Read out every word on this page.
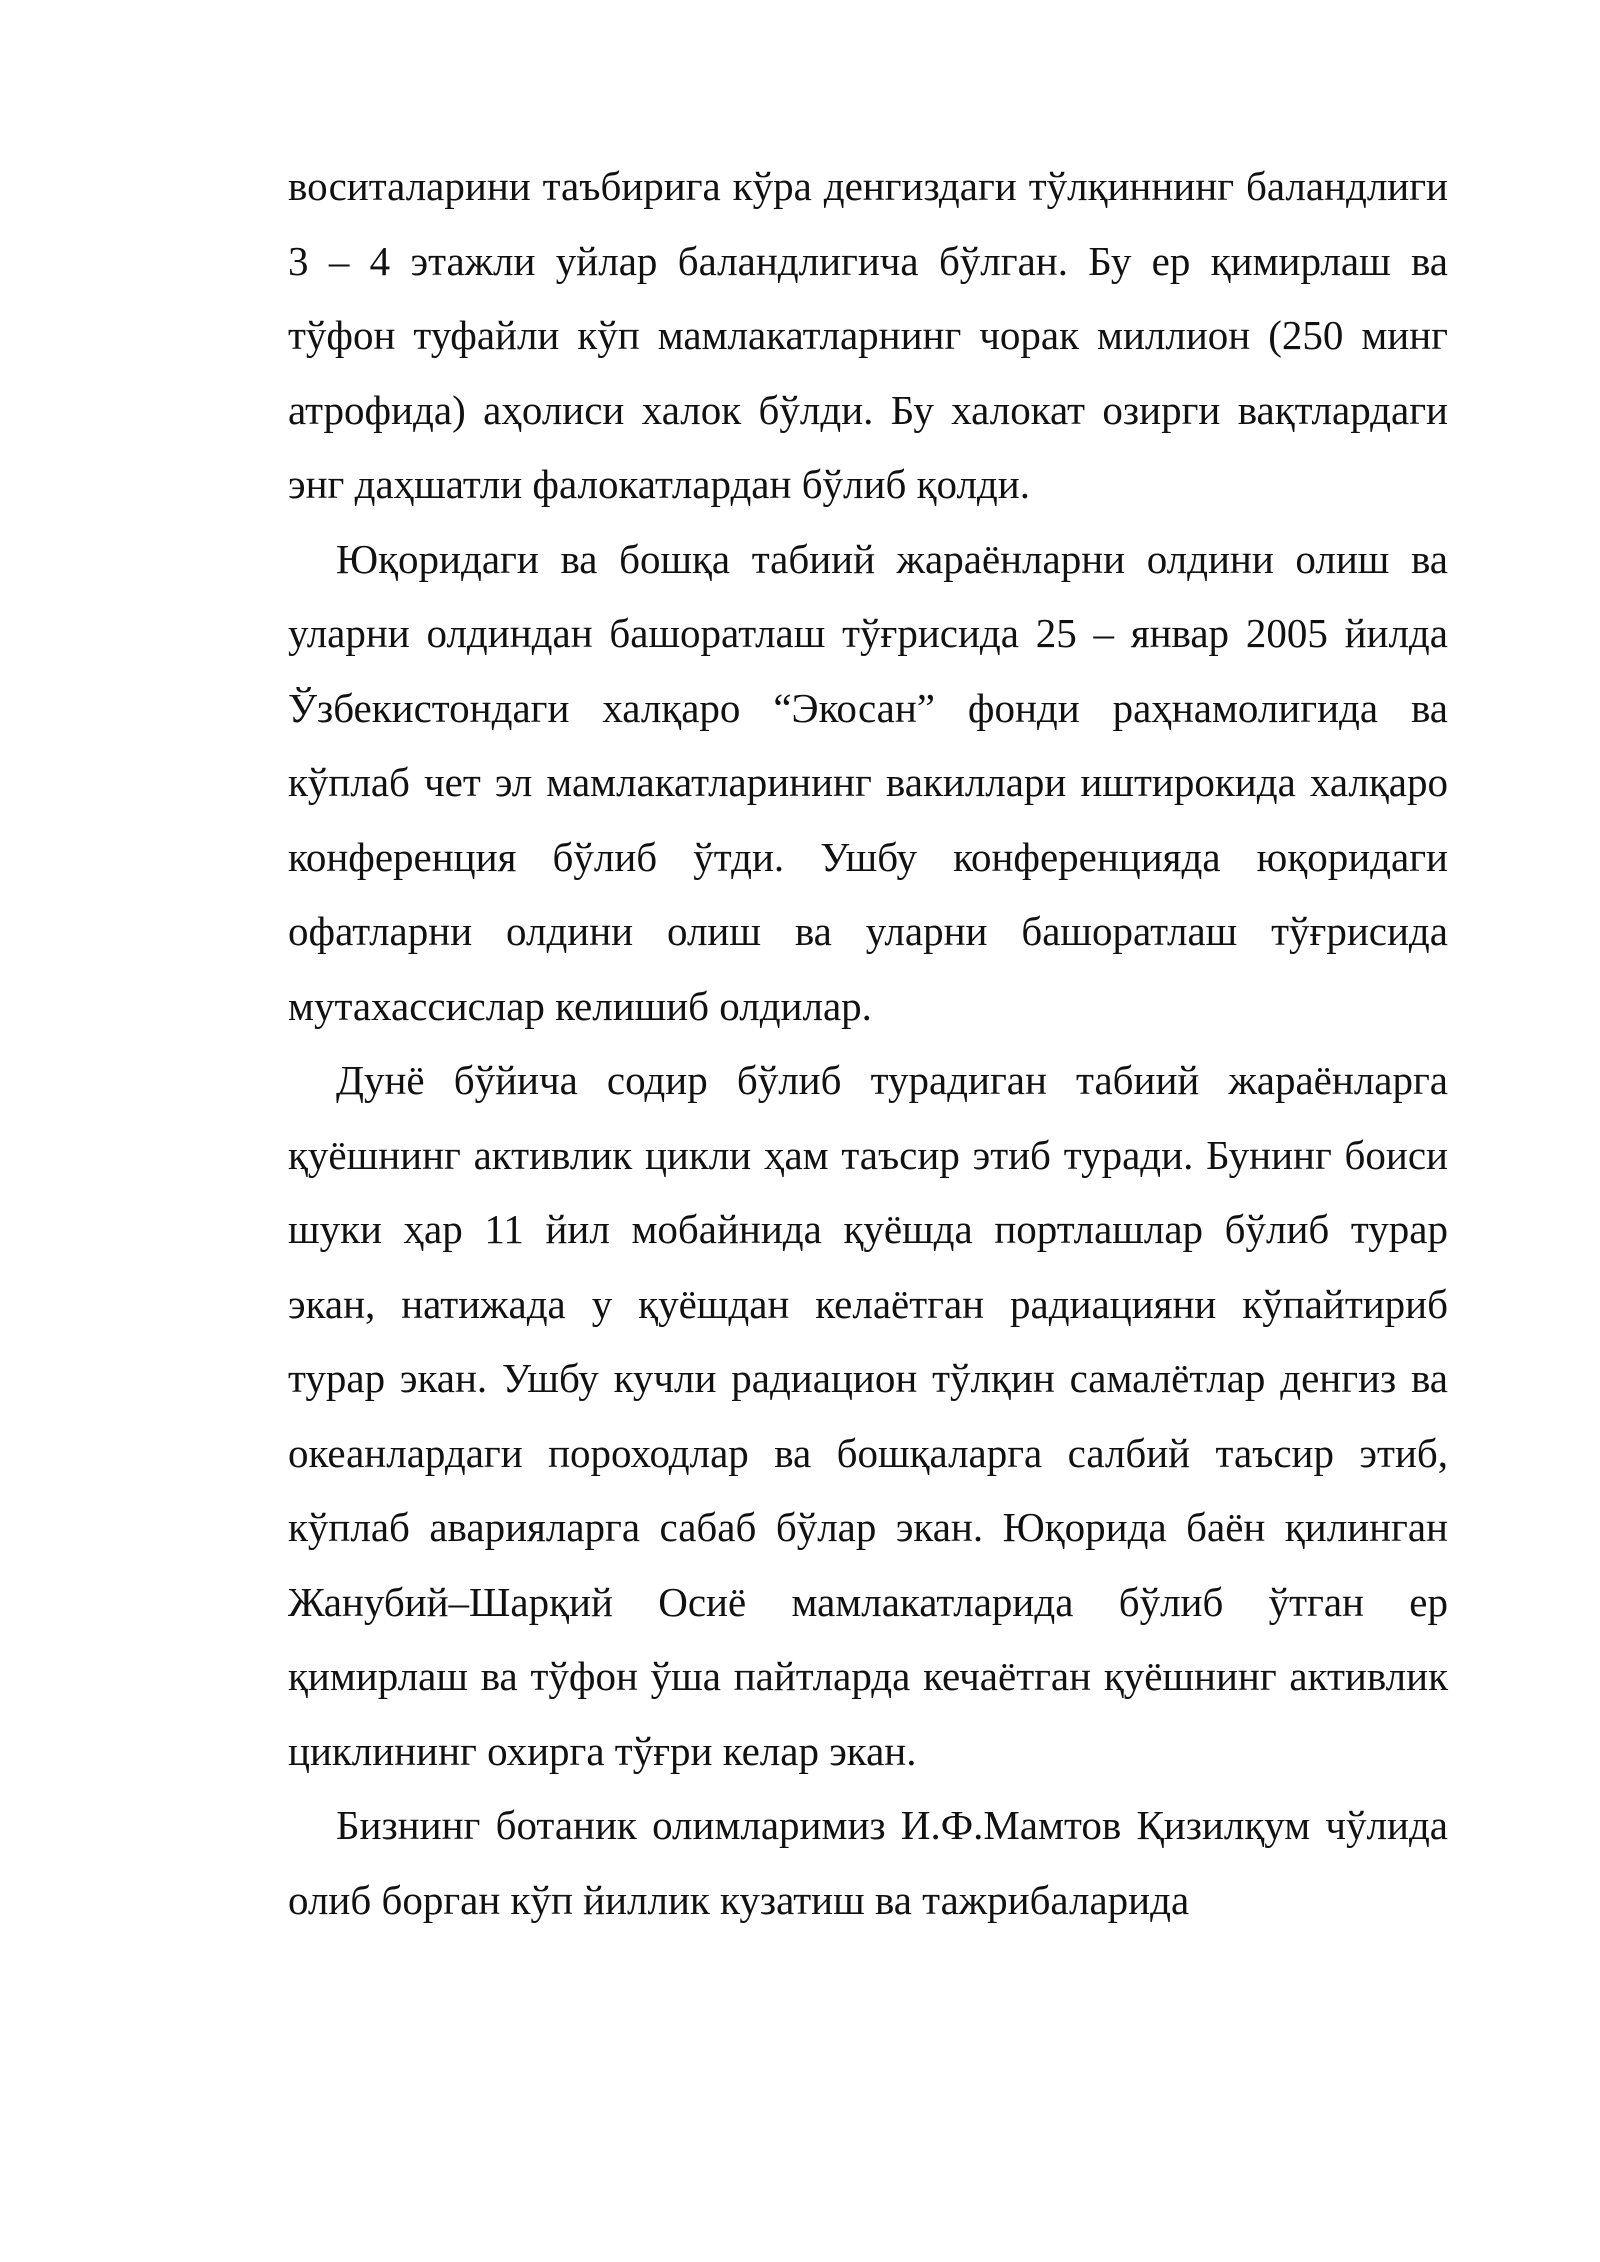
воситаларини таъбирига кўра денгиздаги тўлқиннинг баландлиги 3 – 4 этажли уйлар баландлигича бўлган. Бу ер қимирлаш ва тўфон туфайли кўп мамлакатларнинг чорак миллион (250 минг атрофида) аҳолиси халок бўлди. Бу халокат озирги вақтлардаги энг даҳшатли фалокатлардан бўлиб қолди.

Юқоридаги ва бошқа табиий жараёнларни олдини олиш ва уларни олдиндан башоратлаш тўғрисида 25 – январ 2005 йилда Ўзбекистондаги халқаро “Экосан” фонди раҳнамолигида ва кўплаб чет эл мамлакатларининг вакиллари иштирокида халқаро конференция бўлиб ўтди. Ушбу конференцияда юқоридаги офатларни олдини олиш ва уларни башоратлаш тўғрисида мутахассислар келишиб олдилар.

Дунё бўйича содир бўлиб турадиган табиий жараёнларга қуёшнинг активлик цикли ҳам таъсир этиб туради. Бунинг боиси шуки ҳар 11 йил мобайнида қуёшда портлашлар бўлиб турар экан, натижада у қуёшдан келаётган радиацияни кўпайтириб турар экан. Ушбу кучли радиацион тўлқин самалётлар денгиз ва океанлардаги пороходлар ва бошқаларга салбий таъсир этиб, кўплаб аварияларга сабаб бўлар экан. Юқорида баён қилинган Жанубий–Шарқий Осиё мамлакатларида бўлиб ўтган ер қимирлаш ва тўфон ўша пайтларда кечаётган қуёшнинг активлик циклининг охирга тўғри келар экан.

Бизнинг ботаник олимларимиз И.Ф.Мамтов Қизилқум чўлида олиб борган кўп йиллик кузатиш ва тажрибаларида
